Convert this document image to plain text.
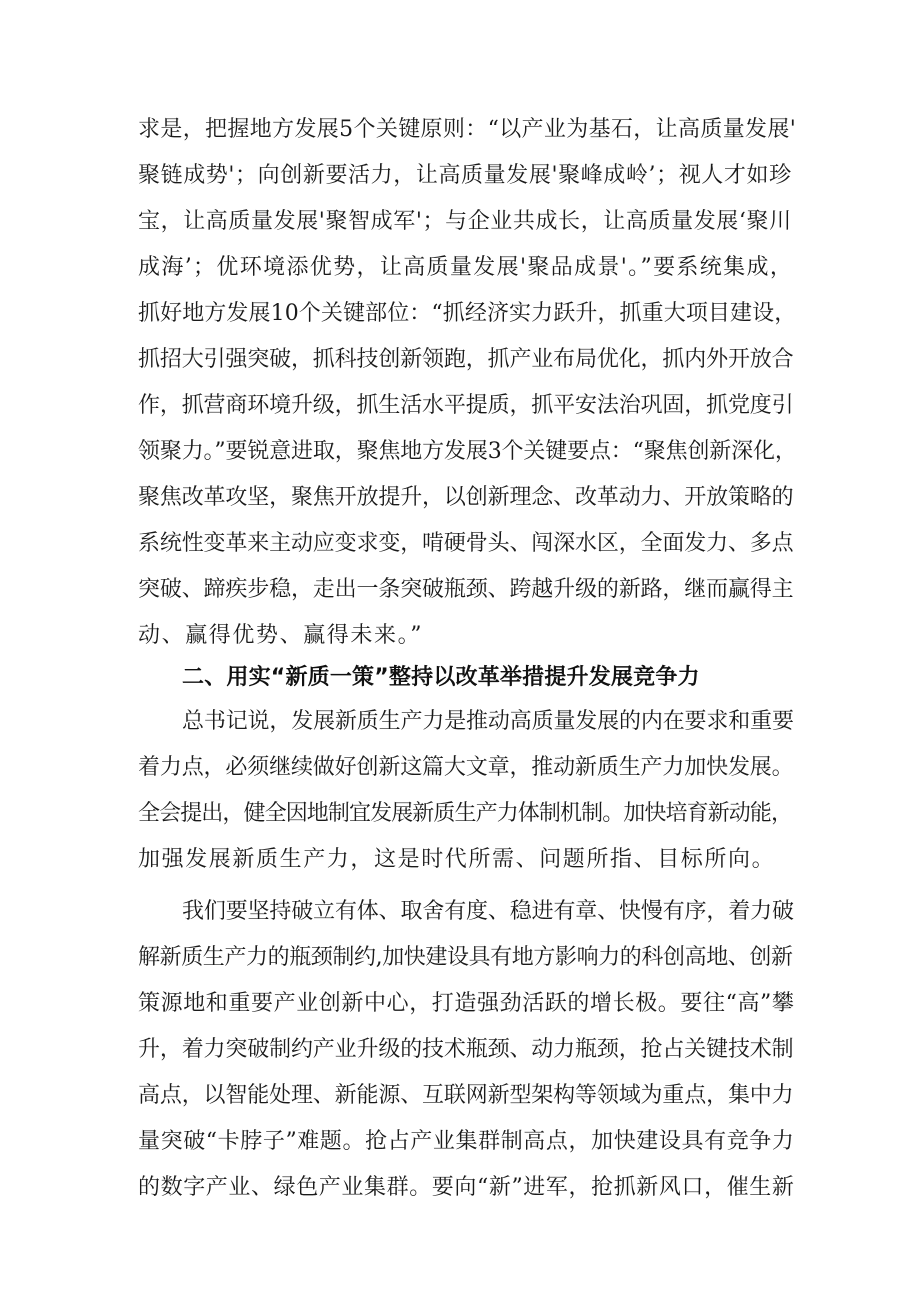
求是，把握地方发展5个关键原则：“以产业为基石，让高质量发展'

聚链成势'；向创新要活力，让高质量发展'聚峰成岭’；视人才如珍

宝，让高质量发展'聚智成军'；与企业共成长，让高质量发展‘聚川

成海’；优环境添优势，让高质量发展'聚品成景'。”要系统集成，

抓好地方发展10个关键部位：“抓经济实力跃升，抓重大项目建设，

抓招大引强突破，抓科技创新领跑，抓产业布局优化，抓内外开放合

作，抓营商环境升级，抓生活水平提质，抓平安法治巩固，抓党度引

领聚力。”要锐意进取，聚焦地方发展3个关键要点：“聚焦创新深化，

聚焦改革攻坚，聚焦开放提升，以创新理念、改革动力、开放策略的

系统性变革来主动应变求变，啃硬骨头、闯深水区，全面发力、多点

突破、蹄疾步稳，走出一条突破瓶颈、跨越升级的新路，继而赢得主

动、赢得优势、赢得未来。”

二、用实“新质一策”整持以改革举措提升发展竞争力

总书记说，发展新质生产力是推动高质量发展的内在要求和重要

着力点，必须继续做好创新这篇大文章，推动新质生产力加快发展。

全会提出，健全因地制宜发展新质生产力体制机制。加快培育新动能，

加强发展新质生产力，这是时代所需、问题所指、目标所向。

我们要坚持破立有体、取舍有度、稳进有章、快慢有序，着力破

解新质生产力的瓶颈制约,加快建设具有地方影响力的科创高地、创新

策源地和重要产业创新中心，打造强劲活跃的增长极。要往“高”攀

升，着力突破制约产业升级的技术瓶颈、动力瓶颈，抢占关键技术制

高点，以智能处理、新能源、互联网新型架构等领域为重点，集中力

量突破“卡脖子”难题。抢占产业集群制高点，加快建设具有竞争力

的数字产业、绿色产业集群。要向“新”进军，抢抓新风口，催生新
